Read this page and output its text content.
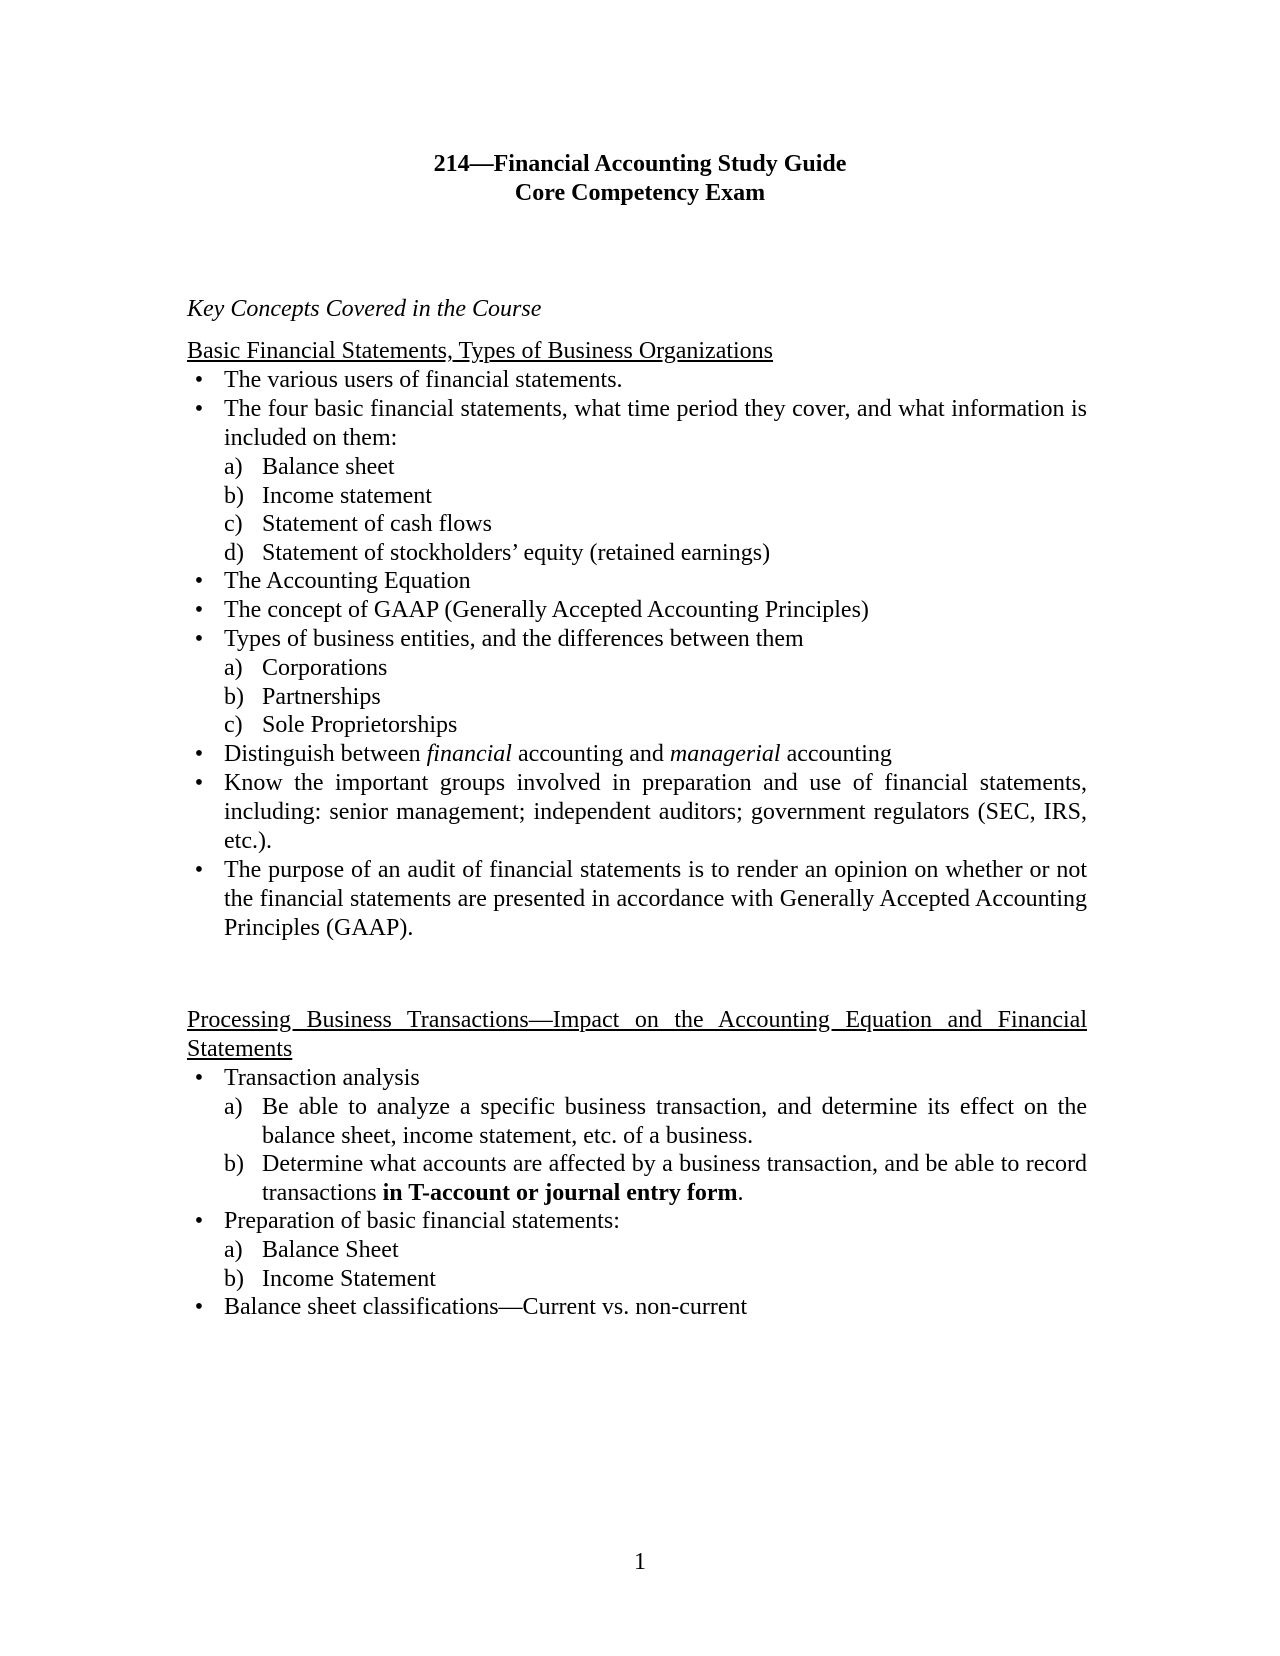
214—Financial Accounting Study Guide
Core Competency Exam
Key Concepts Covered in the Course
Basic Financial Statements, Types of Business Organizations
• The various users of financial statements.
• The four basic financial statements, what time period they cover, and what information is included on them:
a) Balance sheet
b) Income statement
c) Statement of cash flows
d) Statement of stockholders’ equity (retained earnings)
• The Accounting Equation
• The concept of GAAP (Generally Accepted Accounting Principles)
• Types of business entities, and the differences between them
a) Corporations
b) Partnerships
c) Sole Proprietorships
• Distinguish between financial accounting and managerial accounting
• Know the important groups involved in preparation and use of financial statements, including: senior management; independent auditors; government regulators (SEC, IRS, etc.).
• The purpose of an audit of financial statements is to render an opinion on whether or not the financial statements are presented in accordance with Generally Accepted Accounting Principles (GAAP).
Processing Business Transactions—Impact on the Accounting Equation and Financial
Statements
• Transaction analysis
a) Be able to analyze a specific business transaction, and determine its effect on the balance sheet, income statement, etc. of a business.
b) Determine what accounts are affected by a business transaction, and be able to record transactions in T-account or journal entry form.
• Preparation of basic financial statements:
a) Balance Sheet
b) Income Statement
• Balance sheet classifications—Current vs. non-current
1
